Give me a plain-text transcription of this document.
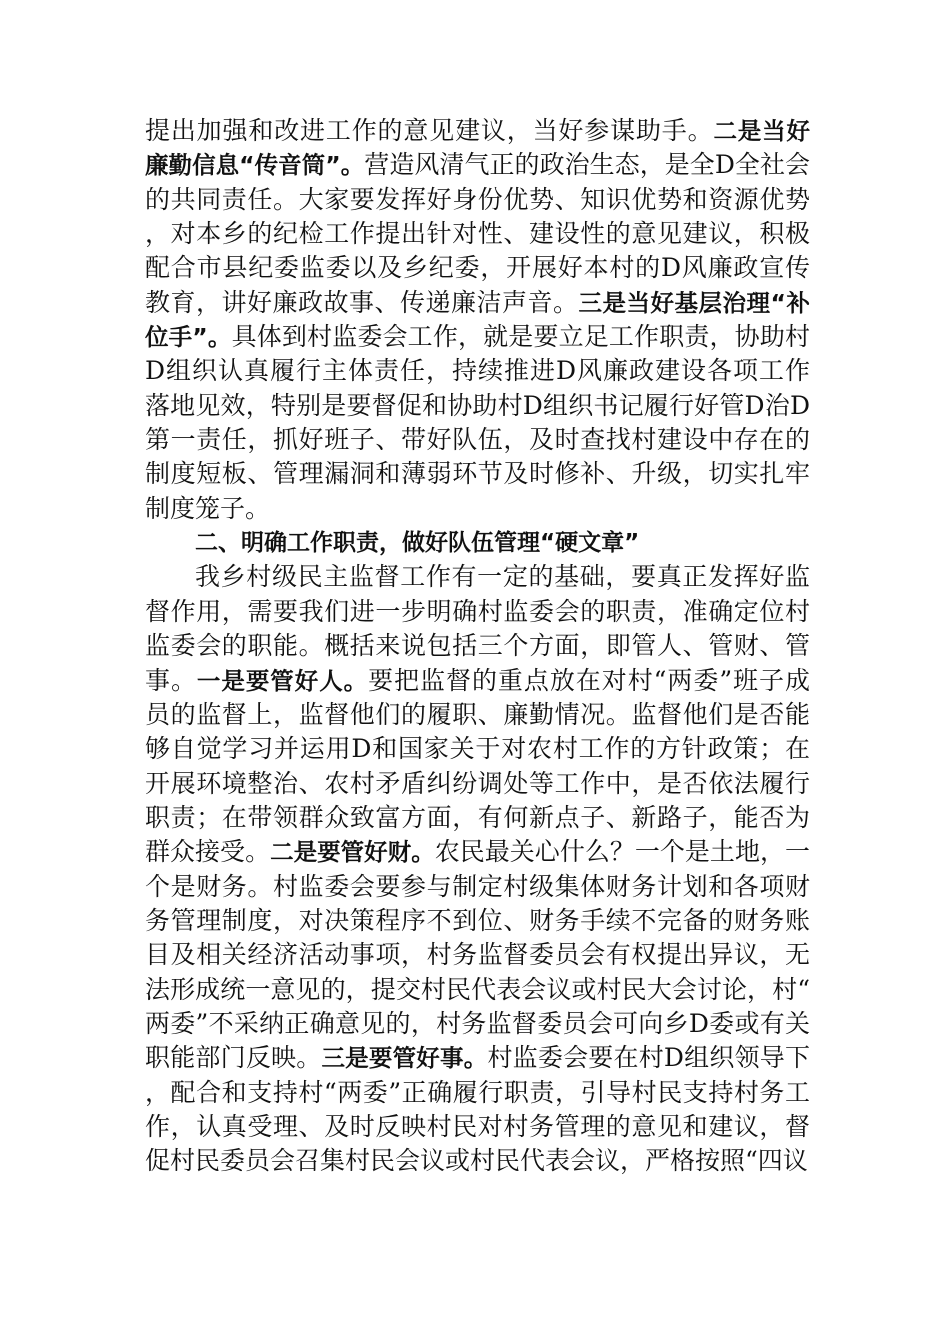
提出加强和改进工作的意见建议，当好参谋助手。二是当好廉勤信息“传音筒”。营造风清气正的政治生态，是全D全社会的共同责任。大家要发挥好身份优势、知识优势和资源优势，对本乡的纪检工作提出针对性、建设性的意见建议，积极配合市县纪委监委以及乡纪委，开展好本村的D风廉政宣传教育，讲好廉政故事、传递廉洁声音。三是当好基层治理“补位手”。具体到村监委会工作，就是要立足工作职责，协助村D组织认真履行主体责任，持续推进D风廉政建设各项工作落地见效，特别是要督促和协助村D组织书记履行好管D治D第一责任，抓好班子、带好队伍，及时查找村建设中存在的制度短板、管理漏洞和薄弱环节及时修补、升级，切实扎牢制度笼子。

二、明确工作职责，做好队伍管理“硬文章”

我乡村级民主监督工作有一定的基础，要真正发挥好监督作用，需要我们进一步明确村监委会的职责，准确定位村监委会的职能。概括来说包括三个方面，即管人、管财、管事。一是要管好人。要把监督的重点放在对村“两委”班子成员的监督上，监督他们的履职、廉勤情况。监督他们是否能够自觉学习并运用D和国家关于对农村工作的方针政策；在开展环境整治、农村矛盾纠纷调处等工作中，是否依法履行职责；在带领群众致富方面，有何新点子、新路子，能否为群众接受。二是要管好财。农民最关心什么？一个是土地，一个是财务。村监委会要参与制定村级集体财务计划和各项财务管理制度，对决策程序不到位、财务手续不完备的财务账目及相关经济活动事项，村务监督委员会有权提出异议，无法形成统一意见的，提交村民代表会议或村民大会讨论，村“两委”不采纳正确意见的，村务监督委员会可向乡D委或有关职能部门反映。三是要管好事。村监委会要在村D组织领导下，配合和支持村“两委”正确履行职责，引导村民支持村务工作，认真受理、及时反映村民对村务管理的意见和建议，督促村民委员会召集村民会议或村民代表会议，严格按照“四议
